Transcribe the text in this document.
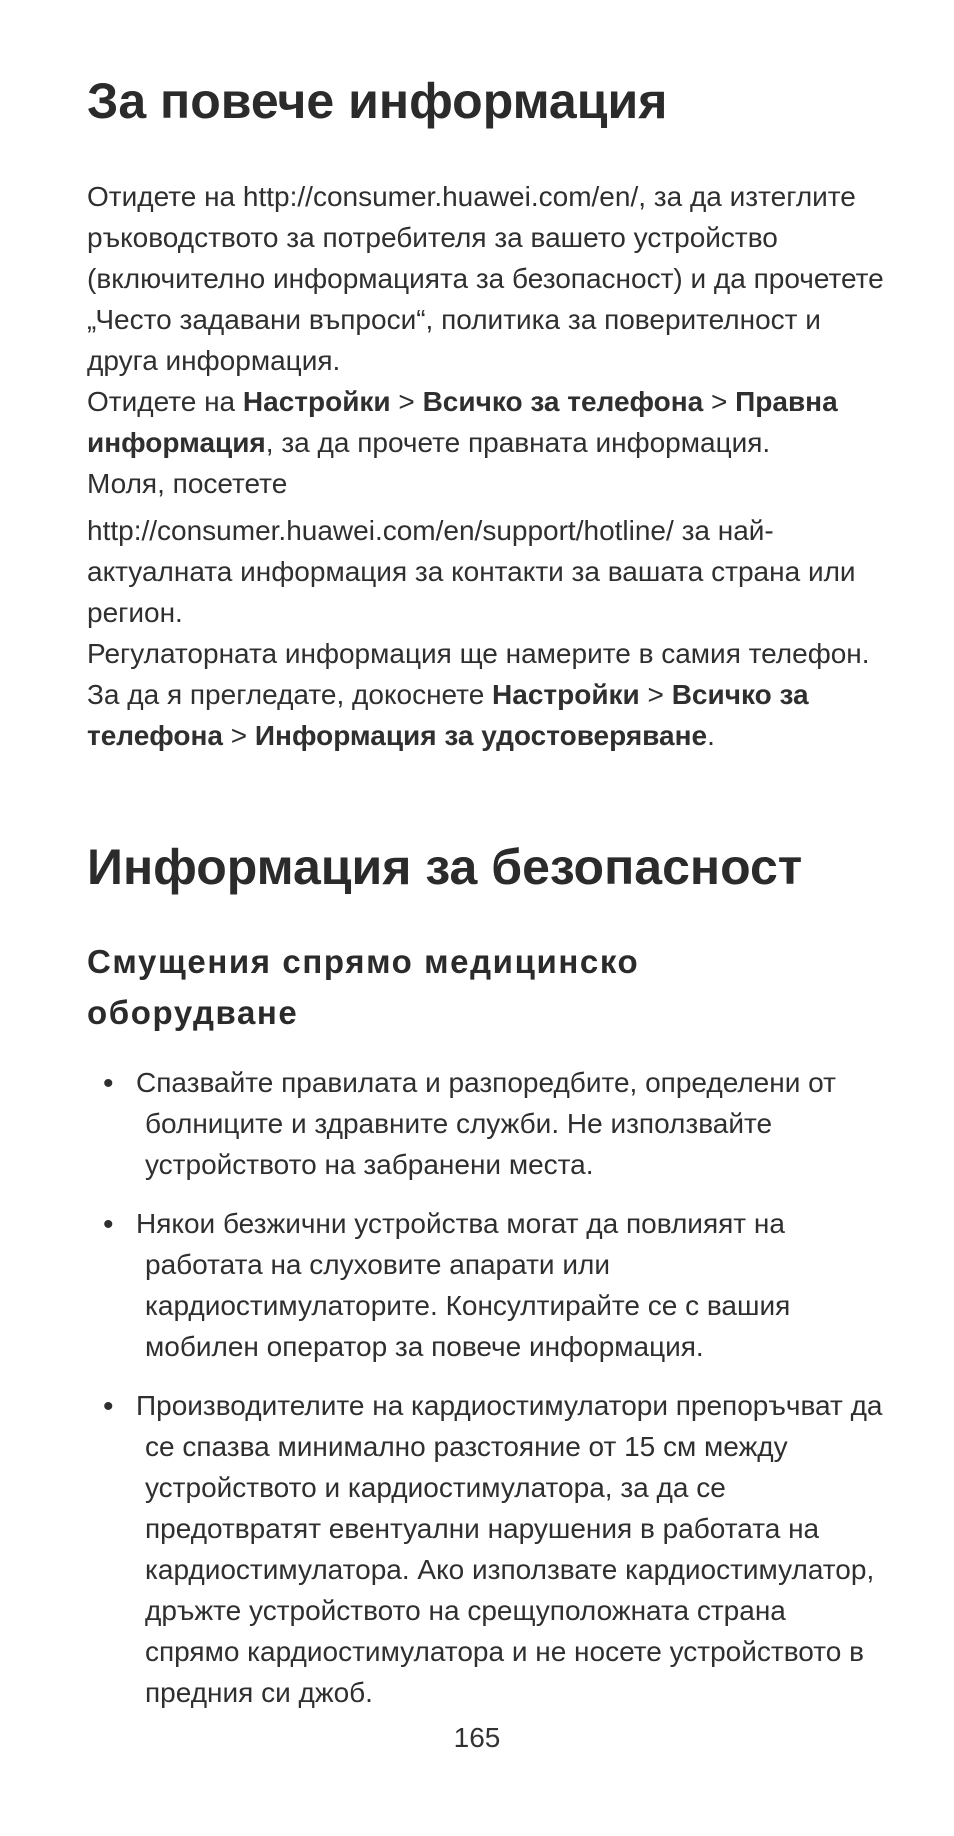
За повече информация

Отидете на http://consumer.huawei.com/en/, за да изтеглите ръководството за потребителя за вашето устройство (включително информацията за безопасност) и да прочетете „Често задавани въпроси“, политика за поверителност и друга информация.

Отидете на Настройки > Всичко за телефона > Правна информация, за да прочете правната информация.

Моля, посетете

http://consumer.huawei.com/en/support/hotline/ за най-актуалната информация за контакти за вашата страна или регион.

Регулаторната информация ще намерите в самия телефон.

За да я прегледате, докоснете Настройки > Всичко за телефона > Информация за удостоверяване.

Информация за безопасност
Смущения спрямо медицинско оборудване
• Спазвайте правилата и разпоредбите, определени от болниците и здравните служби. Не използвайте устройството на забранени места.
• Някои безжични устройства могат да повлияят на работата на слуховите апарати или кардиостимулаторите. Консултирайте се с вашия мобилен оператор за повече информация.
• Производителите на кардиостимулатори препоръчват да се спазва минимално разстояние от 15 см между устройството и кардиостимулатора, за да се предотвратят евентуални нарушения в работата на кардиостимулатора. Ако използвате кардиостимулатор, дръжте устройството на срещуположната страна спрямо кардиостимулатора и не носете устройството в предния си джоб.
165
